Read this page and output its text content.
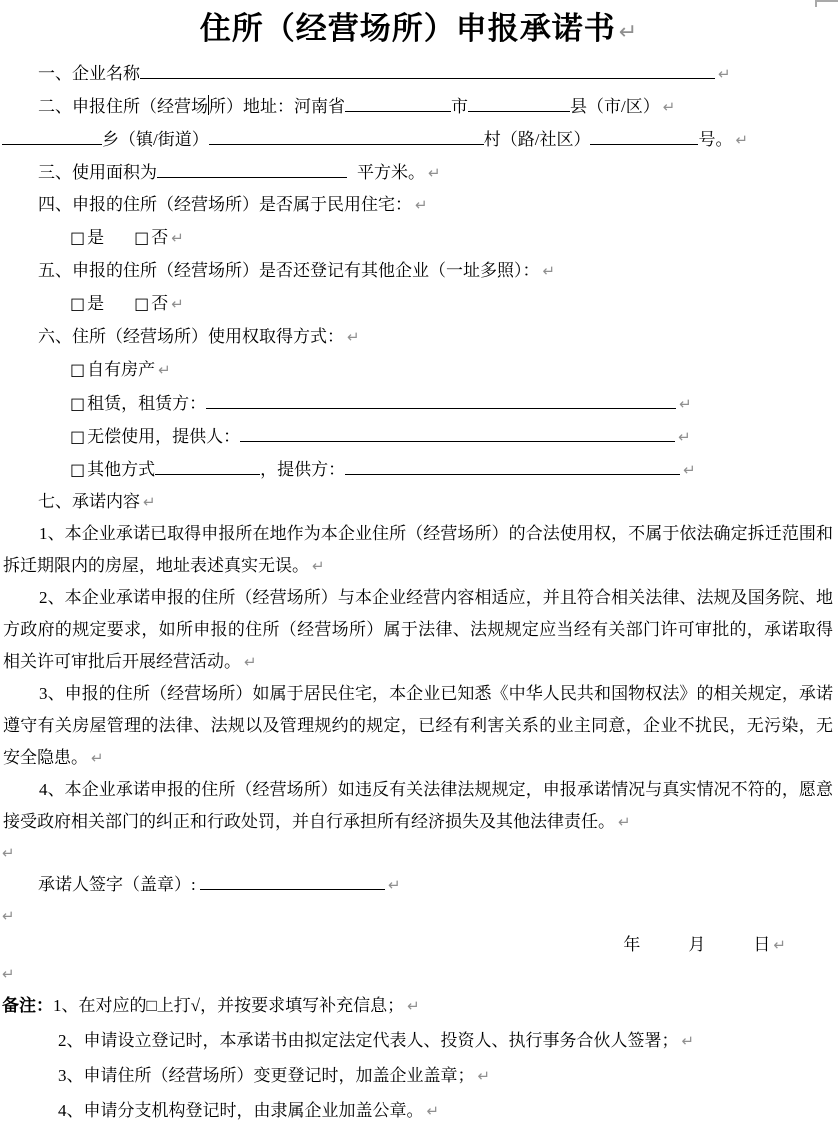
住所（经营场所）申报承诺书 ↵
一、企业名称	↵
二、申报住所（经营场所）地址：河南省	市	县（市/区） ↵
乡（镇/街道）	村（路/社区）	号。 ↵
三、使用面积为	平方米。 ↵
四、申报的住所（经营场所）是否属于民用住宅： ↵
□ 是 □ 否 ↵
五、申报的住所（经营场所）是否还登记有其他企业（一址多照）： ↵
□ 是 □ 否 ↵
六、住所（经营场所）使用权取得方式： ↵
□ 自有房产 ↵
□ 租赁，租赁方：	↵
□ 无偿使用，提供人：	↵
□ 其他方式	，提供方：	↵
七、承诺内容 ↵

1、本企业承诺已取得申报所在地作为本企业住所（经营场所）的合法使用权，不属于依法确定拆迁范围和拆迁期限内的房屋，地址表述真实无误。 ↵

2、本企业承诺申报的住所（经营场所）与本企业经营内容相适应，并且符合相关法律、法规及国务院、地方政府的规定要求，如所申报的住所（经营场所）属于法律、法规规定应当经有关部门许可审批的，承诺取得相关许可审批后开展经营活动。 ↵

3、申报的住所（经营场所）如属于居民住宅，本企业已知悉《中华人民共和国物权法》的相关规定，承诺遵守有关房屋管理的法律、法规以及管理规约的规定，已经有利害关系的业主同意，企业不扰民，无污染，无安全隐患。 ↵

4、本企业承诺申报的住所（经营场所）如违反有关法律法规规定，申报承诺情况与真实情况不符的，愿意接受政府相关部门的纠正和行政处罚，并自行承担所有经济损失及其他法律责任。 ↵

↵
承诺人签字（盖章）:	↵
↵
年	月	日 ↵
↵
备注：1、在对应的□上打√，并按要求填写补充信息； ↵
2、申请设立登记时，本承诺书由拟定法定代表人、投资人、执行事务合伙人签署； ↵
3、申请住所（经营场所）变更登记时，加盖企业盖章； ↵
4、申请分支机构登记时，由隶属企业加盖公章。 ↵
